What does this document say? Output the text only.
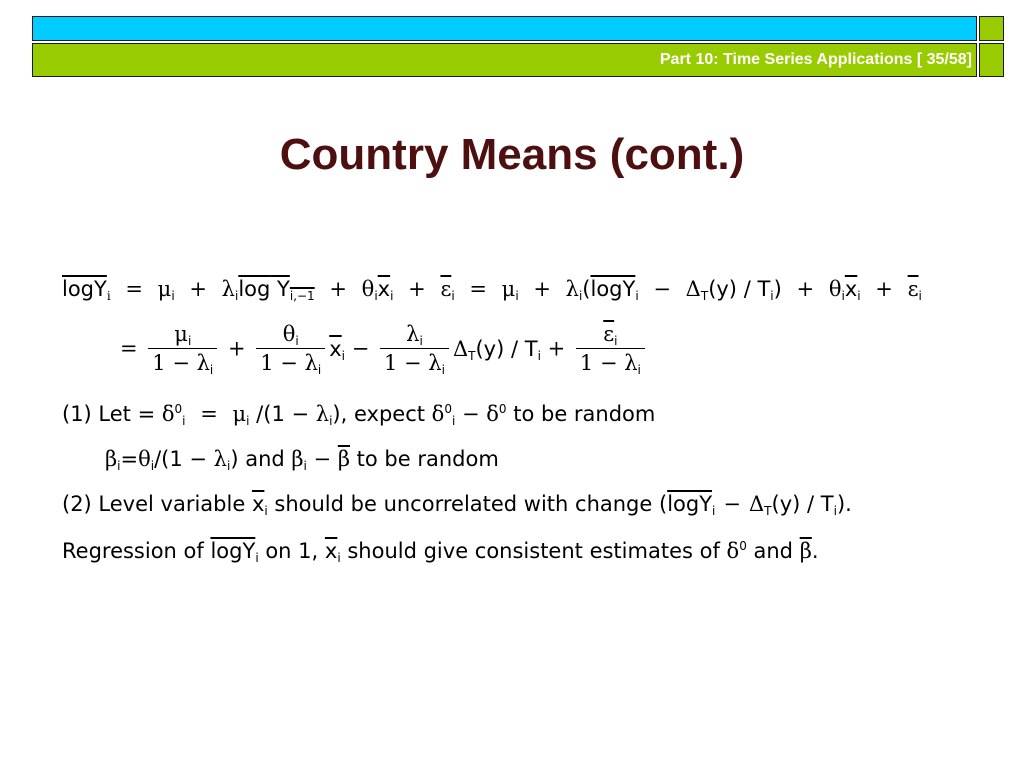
Part 10: Time Series Applications [ 35/58]
Country Means (cont.)
$\log Y_i = \mu_i + \lambda_i\log$ $Y_{i,-1} + \theta_i\overline{x}_i + \overline{\varepsilon}_i = \mu_i + \lambda_i(\log Y_i - \Delta_T(y) / T_i) + \theta_i\overline{x}_i + \overline{\varepsilon}_i$
= $\frac{\mu_i}{1 - \lambda_i} + \frac{\theta_i}{1 - \lambda_i} \overline{x}_i - \frac{\lambda_i}{1 - \lambda_i} \Delta_T(y) / T_i + \frac{\overline{\varepsilon}_i}{1 - \lambda_i}$
(1) Let = $\delta^0_i = \mu_i$ $/(1 - \lambda_i)$, expect $\delta^0_i - \delta^0$ to be random
$\beta_i=\theta_i/(1 - \lambda_i)$ and $\beta_i - \overline{\beta}$ to be random
(2) Level variable $\overline{x}_i$ should be uncorrelated with change $(\log Y_i - \Delta_T(y) / T_i)$.
Regression of logY$_i$ on 1, $\overline{x}_i$ should give consistent estimates of $\delta^0$ and $\overline{\beta}$.
